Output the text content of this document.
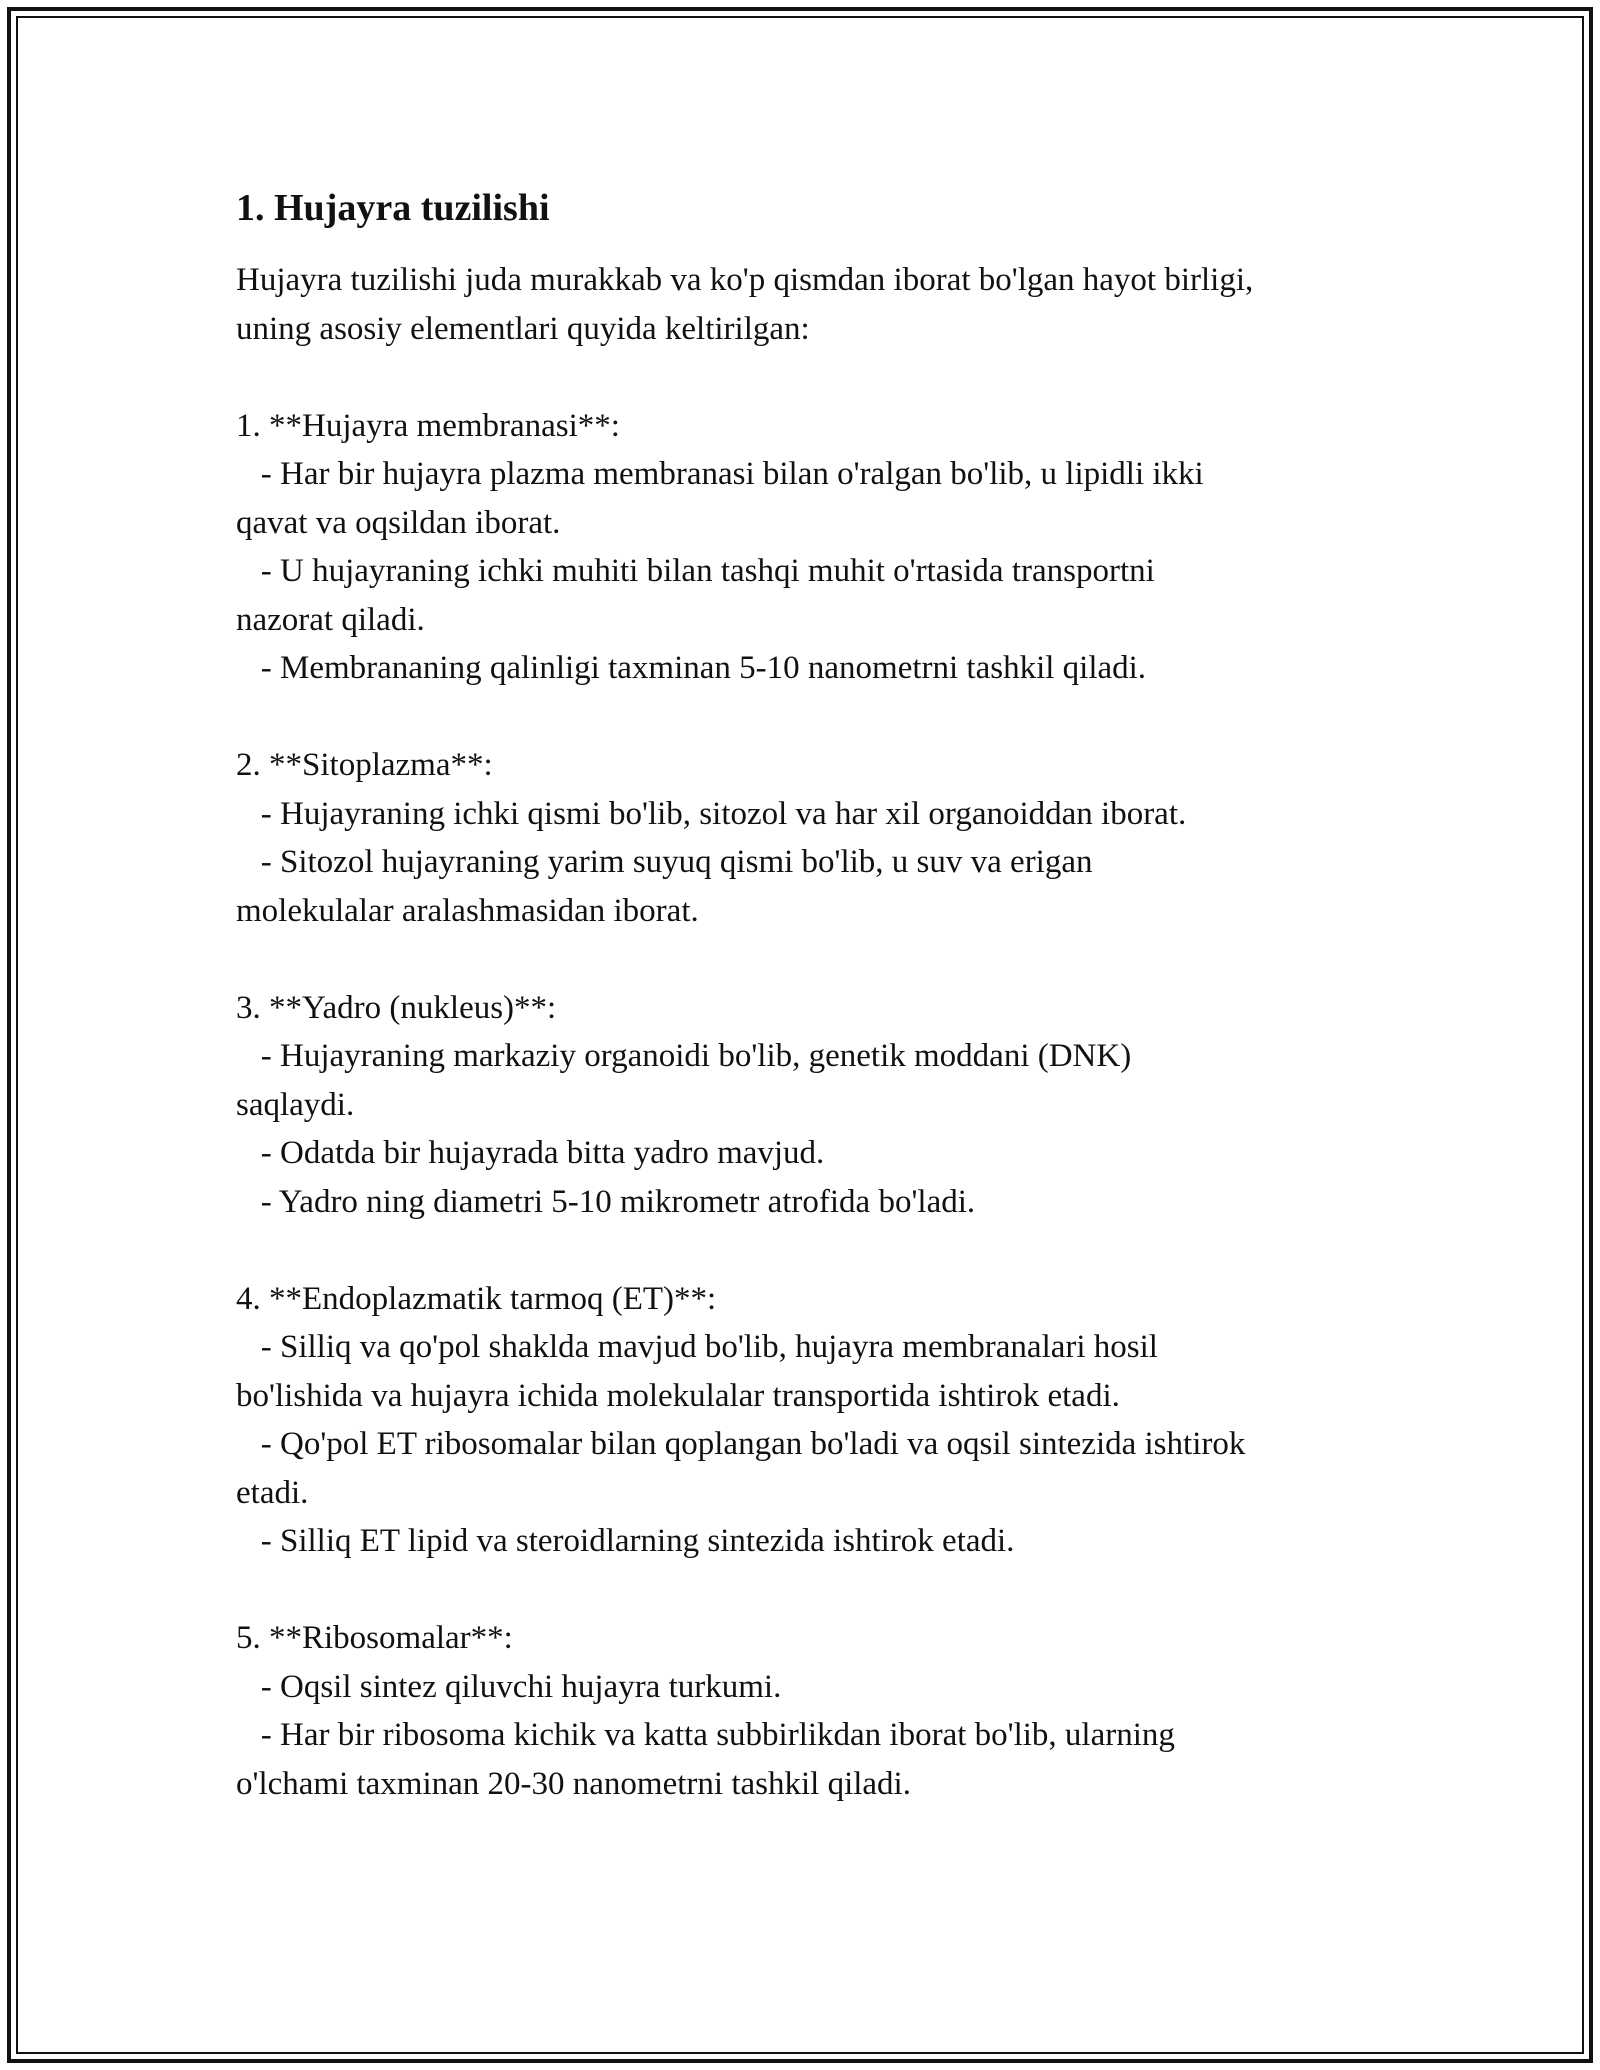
1. Hujayra tuzilishi
Hujayra tuzilishi juda murakkab va ko'p qismdan iborat bo'lgan hayot birligi,
uning asosiy elementlari quyida keltirilgan:
1. **Hujayra membranasi**:
- Har bir hujayra plazma membranasi bilan o'ralgan bo'lib, u lipidli ikki
qavat va oqsildan iborat.
- U hujayraning ichki muhiti bilan tashqi muhit o'rtasida transportni
nazorat qiladi.
- Membrananing qalinligi taxminan 5-10 nanometrni tashkil qiladi.
2. **Sitoplazma**:
- Hujayraning ichki qismi bo'lib, sitozol va har xil organoiddan iborat.
- Sitozol hujayraning yarim suyuq qismi bo'lib, u suv va erigan
molekulalar aralashmasidan iborat.
3. **Yadro (nukleus)**:
- Hujayraning markaziy organoidi bo'lib, genetik moddani (DNK)
saqlaydi.
- Odatda bir hujayrada bitta yadro mavjud.
- Yadro ning diametri 5-10 mikrometr atrofida bo'ladi.
4. **Endoplazmatik tarmoq (ET)**:
- Silliq va qo'pol shaklda mavjud bo'lib, hujayra membranalari hosil
bo'lishida va hujayra ichida molekulalar transportida ishtirok etadi.
- Qo'pol ET ribosomalar bilan qoplangan bo'ladi va oqsil sintezida ishtirok
etadi.
- Silliq ET lipid va steroidlarning sintezida ishtirok etadi.
5. **Ribosomalar**:
- Oqsil sintez qiluvchi hujayra turkumi.
- Har bir ribosoma kichik va katta subbirlikdan iborat bo'lib, ularning
o'lchami taxminan 20-30 nanometrni tashkil qiladi.
